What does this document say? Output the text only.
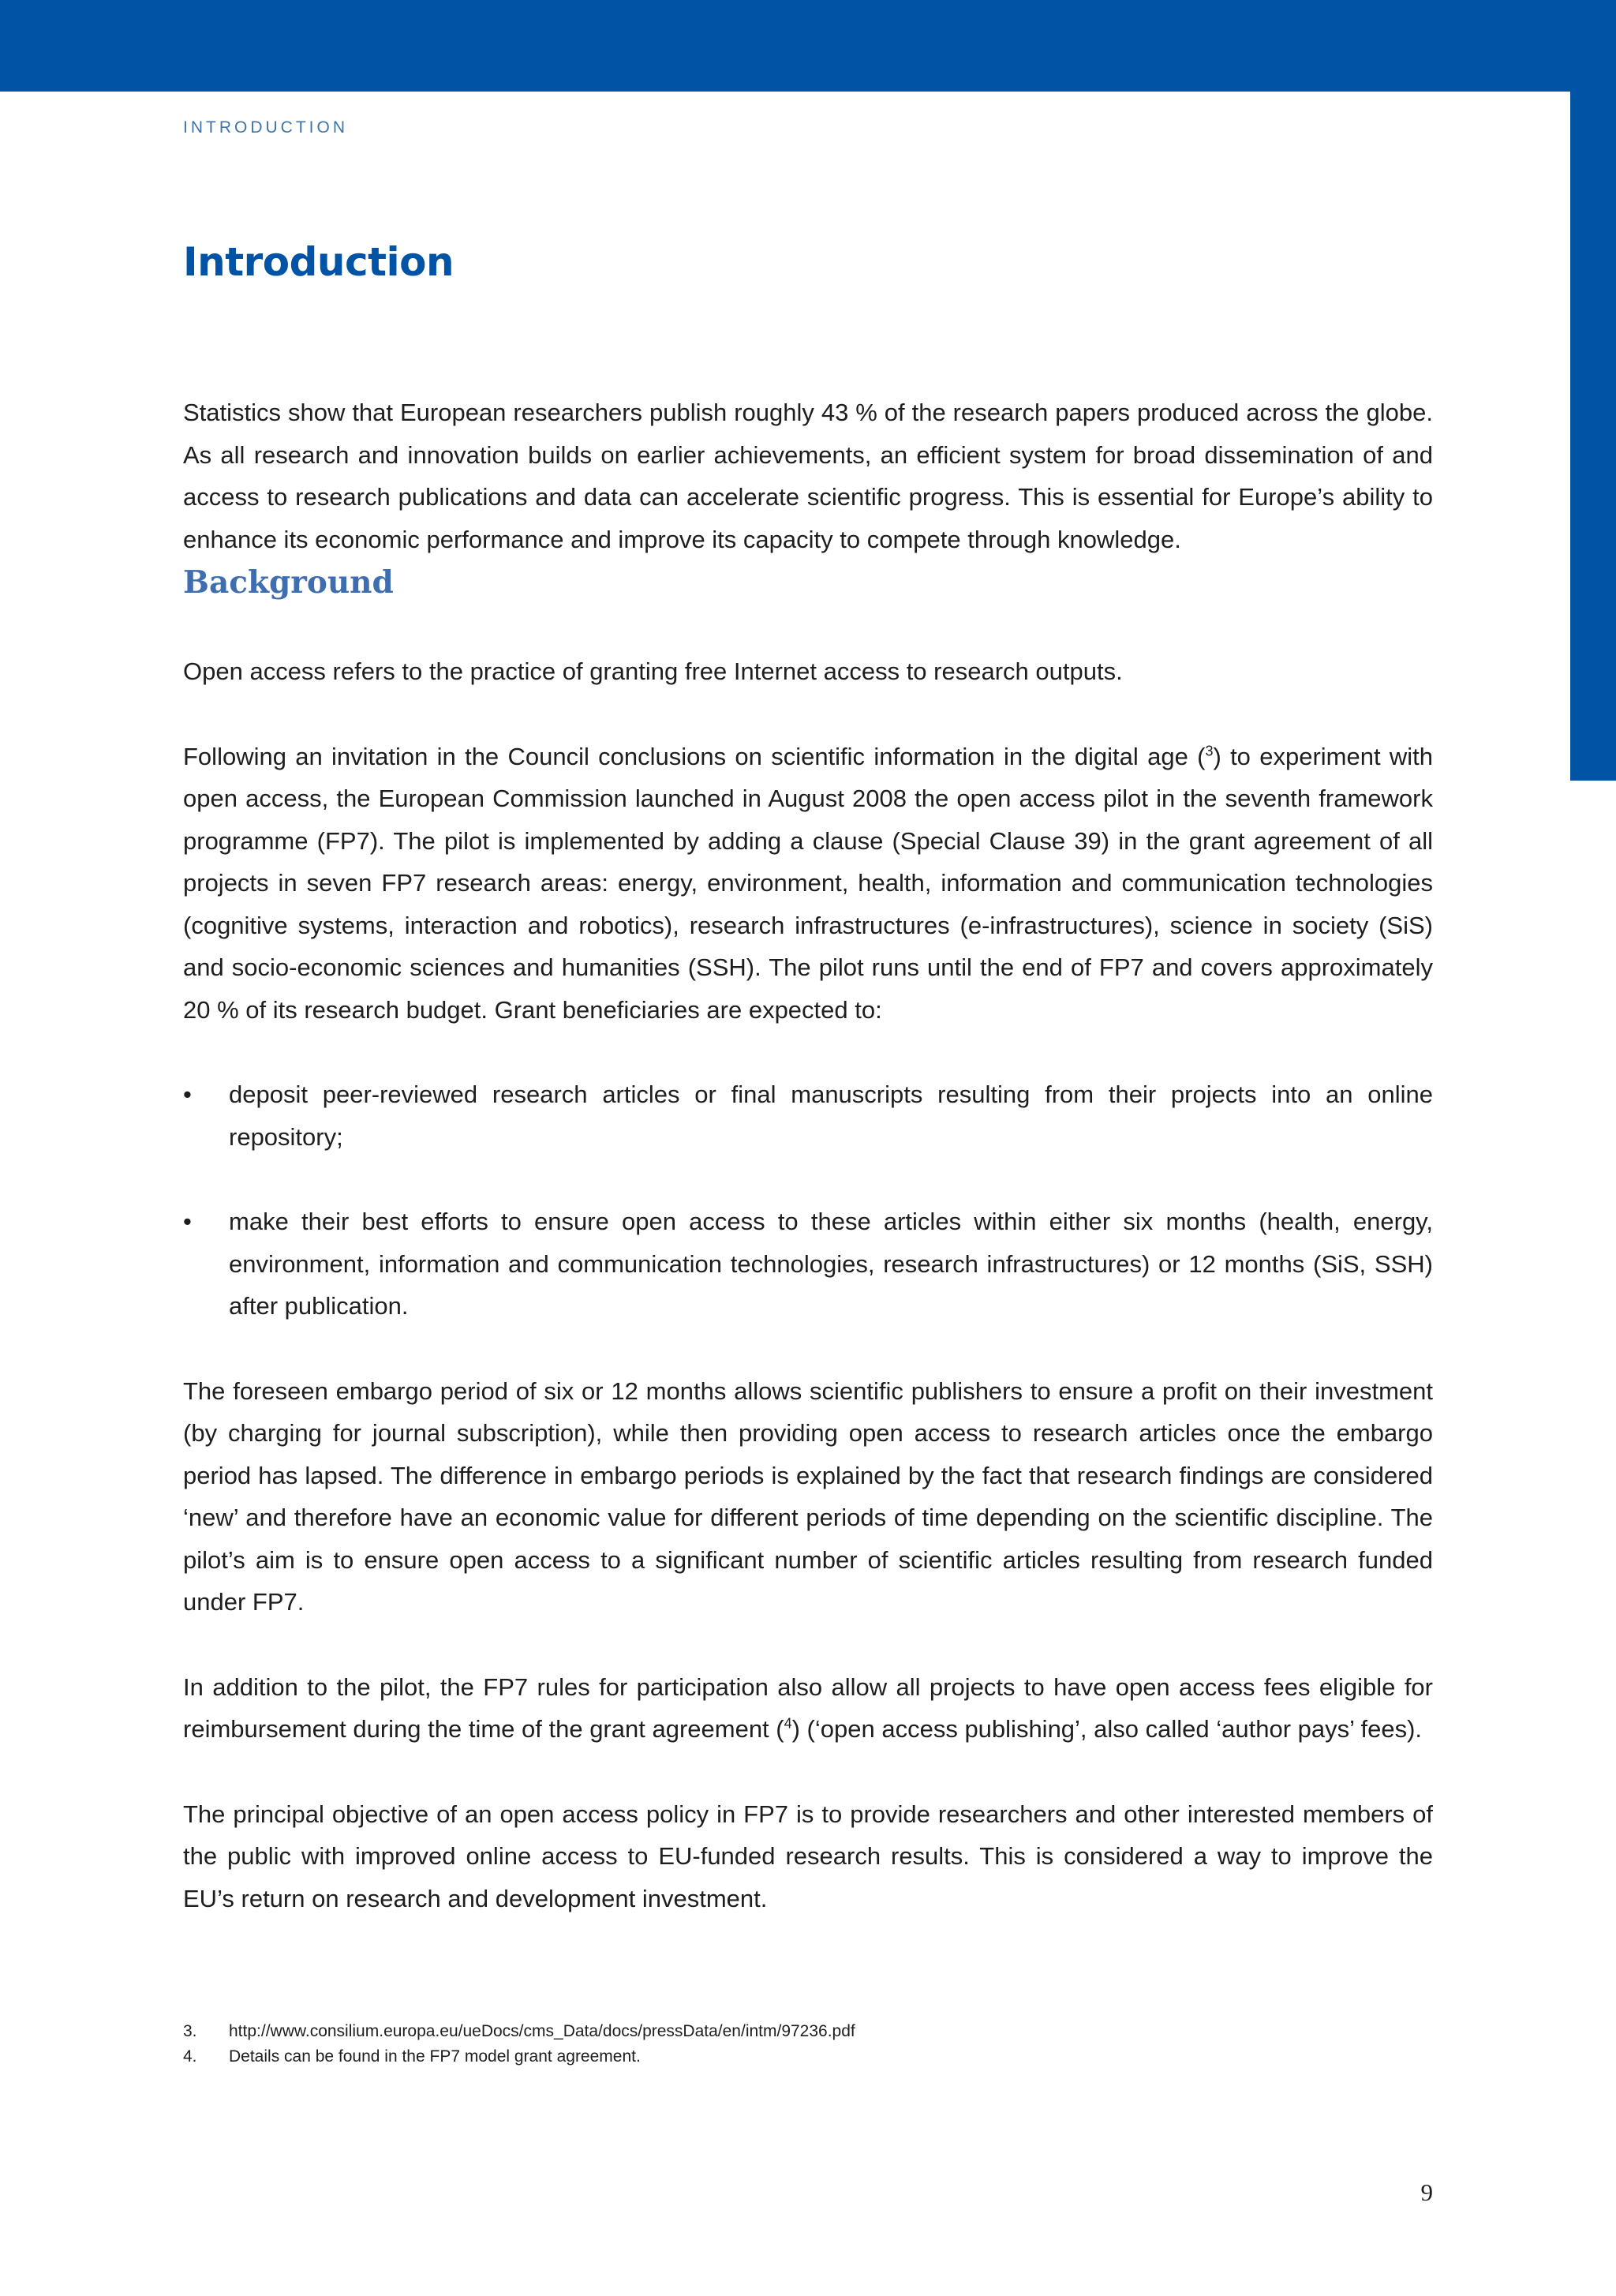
INTRODUCTION
Introduction

Statistics show that European researchers publish roughly 43 % of the research papers produced across the globe. As all research and innovation builds on earlier achievements, an efficient system for broad dissemination of and access to research publications and data can accelerate scientific progress. This is essential for Europe’s ability to enhance its economic performance and improve its capacity to compete through knowledge.

Background

Open access refers to the practice of granting free Internet access to research outputs.

Following an invitation in the Council conclusions on scientific information in the digital age ($^3$) to experiment with open access, the European Commission launched in August 2008 the open access pilot in the seventh framework programme (FP7). The pilot is implemented by adding a clause (Special Clause 39) in the grant agreement of all projects in seven FP7 research areas: energy, environment, health, information and communication technologies (cognitive systems, interaction and robotics), research infrastructures (e-infrastructures), science in society (SiS) and socio-economic sciences and humanities (SSH). The pilot runs until the end of FP7 and covers approximately 20 % of its research budget. Grant beneficiaries are expected to:

• deposit peer-reviewed research articles or final manuscripts resulting from their projects into an online repository;
• make their best efforts to ensure open access to these articles within either six months (health, energy, environment, information and communication technologies, research infrastructures) or 12 months (SiS, SSH) after publication.

The foreseen embargo period of six or 12 months allows scientific publishers to ensure a profit on their investment (by charging for journal subscription), while then providing open access to research articles once the embargo period has lapsed. The difference in embargo periods is explained by the fact that research findings are considered ‘new’ and therefore have an economic value for different periods of time depending on the scientific discipline. The pilot’s aim is to ensure open access to a significant number of scientific articles resulting from research funded under FP7.

In addition to the pilot, the FP7 rules for participation also allow all projects to have open access fees eligible for reimbursement during the time of the grant agreement ($^4$) (‘open access publishing’, also called ‘author pays’ fees).

The principal objective of an open access policy in FP7 is to provide researchers and other interested members of the public with improved online access to EU-funded research results. This is considered a way to improve the EU’s return on research and development investment.

3.	http://www.consilium.europa.eu/ueDocs/cms_Data/docs/pressData/en/intm/97236.pdf
4.	Details can be found in the FP7 model grant agreement.
9
